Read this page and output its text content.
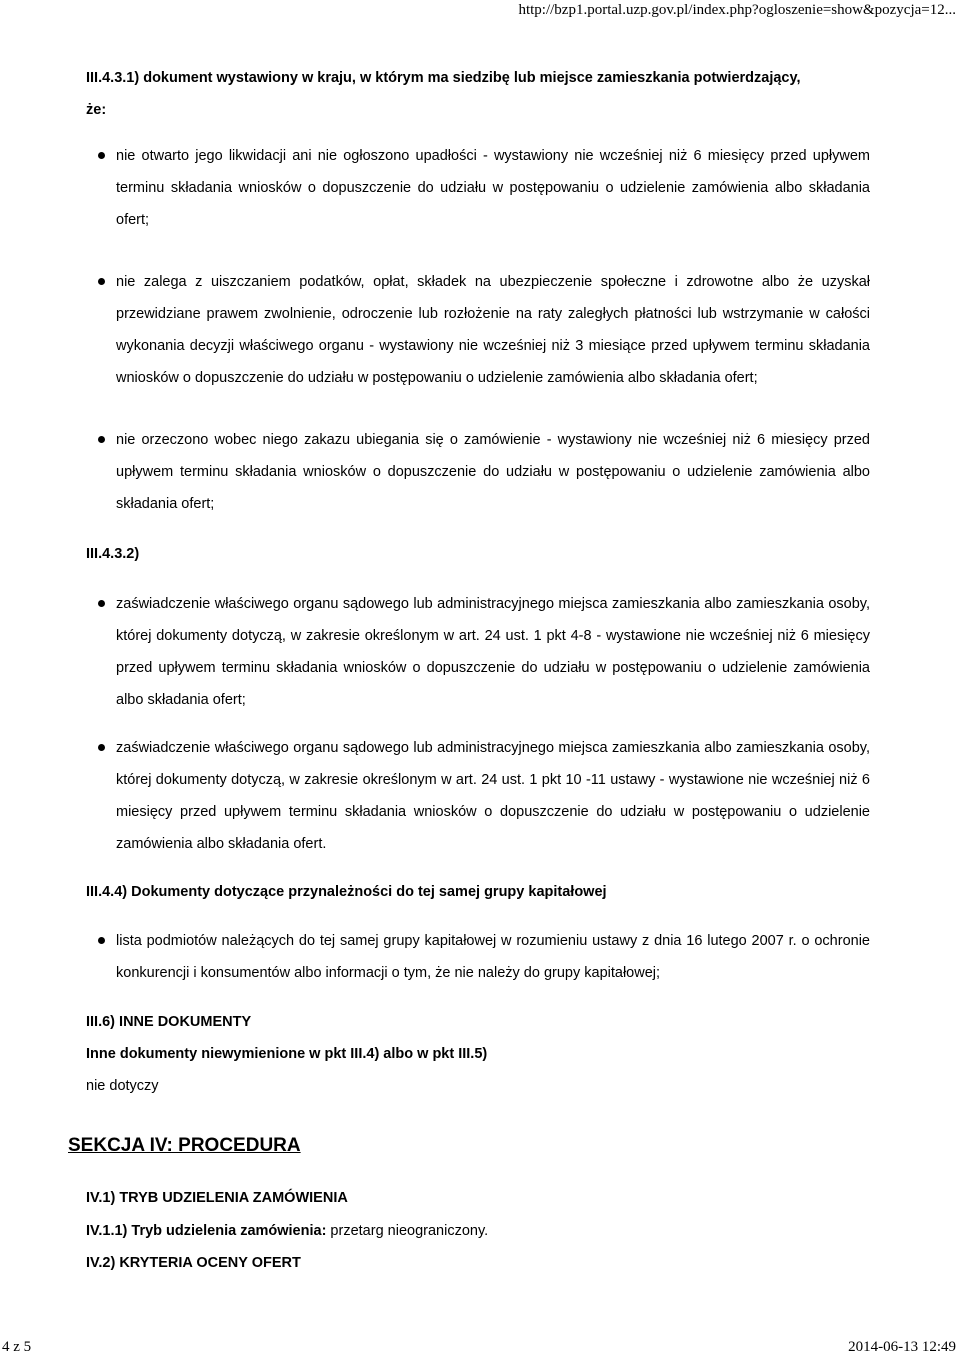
http://bzp1.portal.uzp.gov.pl/index.php?ogloszenie=show&pozycja=12...
III.4.3.1) dokument wystawiony w kraju, w którym ma siedzibę lub miejsce zamieszkania potwierdzający,
że:
nie otwarto jego likwidacji ani nie ogłoszono upadłości - wystawiony nie wcześniej niż 6 miesięcy przed upływem terminu składania wniosków o dopuszczenie do udziału w postępowaniu o udzielenie zamówienia albo składania ofert;
nie zalega z uiszczaniem podatków, opłat, składek na ubezpieczenie społeczne i zdrowotne albo że uzyskał przewidziane prawem zwolnienie, odroczenie lub rozłożenie na raty zaległych płatności lub wstrzymanie w całości wykonania decyzji właściwego organu - wystawiony nie wcześniej niż 3 miesiące przed upływem terminu składania wniosków o dopuszczenie do udziału w postępowaniu o udzielenie zamówienia albo składania ofert;
nie orzeczono wobec niego zakazu ubiegania się o zamówienie - wystawiony nie wcześniej niż 6 miesięcy przed upływem terminu składania wniosków o dopuszczenie do udziału w postępowaniu o udzielenie zamówienia albo składania ofert;
III.4.3.2)
zaświadczenie właściwego organu sądowego lub administracyjnego miejsca zamieszkania albo zamieszkania osoby, której dokumenty dotyczą, w zakresie określonym w art. 24 ust. 1 pkt 4-8 - wystawione nie wcześniej niż 6 miesięcy przed upływem terminu składania wniosków o dopuszczenie do udziału w postępowaniu o udzielenie zamówienia albo składania ofert;
zaświadczenie właściwego organu sądowego lub administracyjnego miejsca zamieszkania albo zamieszkania osoby, której dokumenty dotyczą, w zakresie określonym w art. 24 ust. 1 pkt 10 -11 ustawy - wystawione nie wcześniej niż 6 miesięcy przed upływem terminu składania wniosków o dopuszczenie do udziału w postępowaniu o udzielenie zamówienia albo składania ofert.
III.4.4) Dokumenty dotyczące przynależności do tej samej grupy kapitałowej
lista podmiotów należących do tej samej grupy kapitałowej w rozumieniu ustawy z dnia 16 lutego 2007 r. o ochronie konkurencji i konsumentów albo informacji o tym, że nie należy do grupy kapitałowej;
III.6) INNE DOKUMENTY
Inne dokumenty niewymienione w pkt III.4) albo w pkt III.5)
nie dotyczy
SEKCJA IV: PROCEDURA
IV.1) TRYB UDZIELENIA ZAMÓWIENIA
IV.1.1) Tryb udzielenia zamówienia: przetarg nieograniczony.
IV.2) KRYTERIA OCENY OFERT
4 z 5	2014-06-13 12:49
